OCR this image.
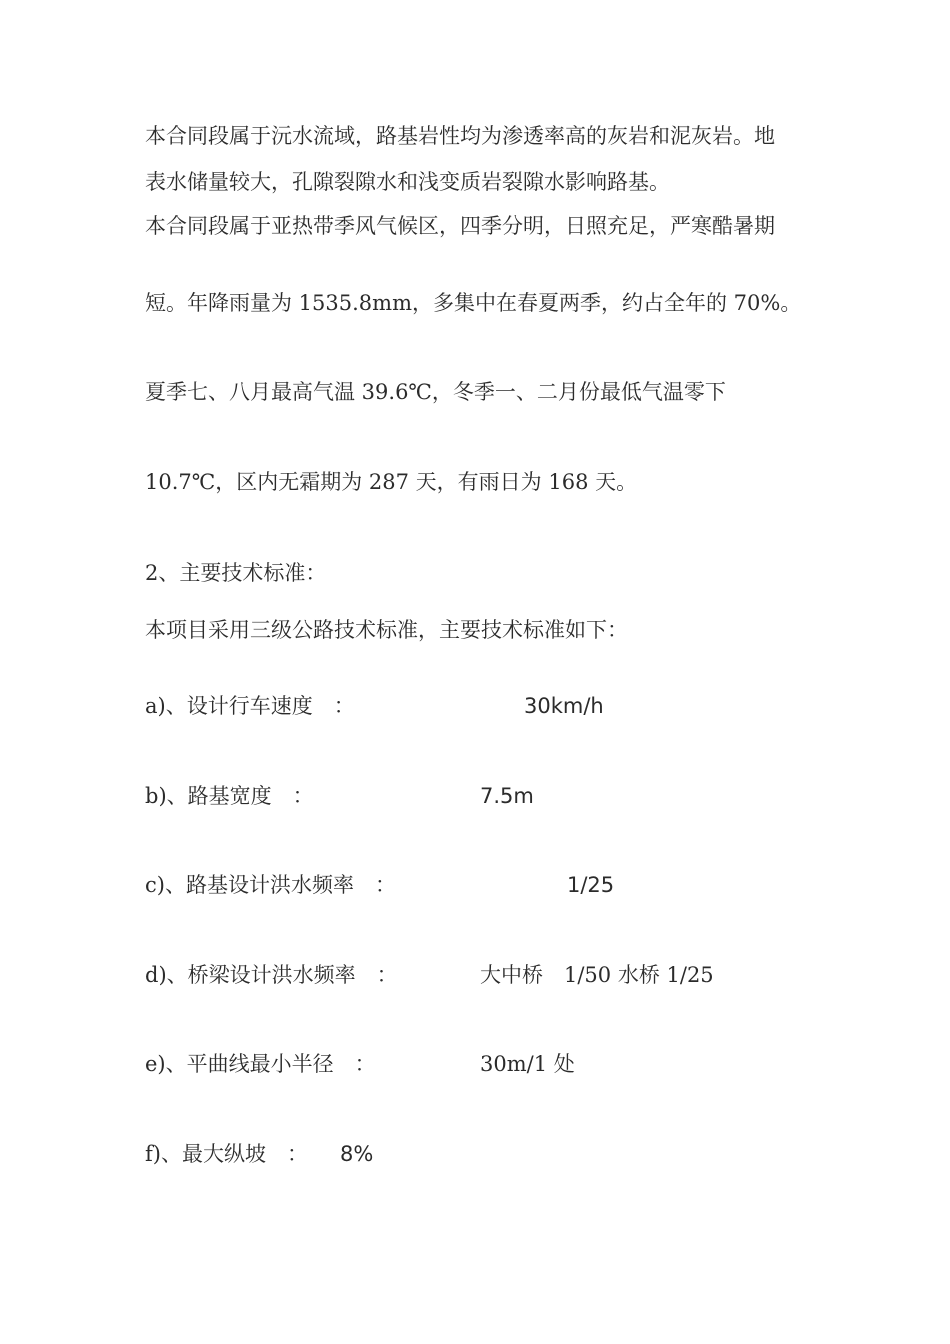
本合同段属于沅水流域，路基岩性均为渗透率高的灰岩和泥灰岩。地
表水储量较大，孔隙裂隙水和浅变质岩裂隙水影响路基。
本合同段属于亚热带季风气候区，四季分明，日照充足，严寒酷暑期
短。年降雨量为 1535.8mm，多集中在春夏两季，约占全年的 70%。
夏季七、八月最高气温 39.6℃，冬季一、二月份最低气温零下
10.7℃，区内无霜期为 287 天，有雨日为 168 天。
2、主要技术标准：
本项目采用三级公路技术标准，主要技术标准如下：
a)、设计行车速度　：	30km/h
b)、路基宽度　：	7.5m
c)、路基设计洪水频率　：	1/25
d)、桥梁设计洪水频率　：	大中桥　1/50 水桥 1/25
e)、平曲线最小半径　：	30m/1 处
f)、最大纵坡　： 8%
